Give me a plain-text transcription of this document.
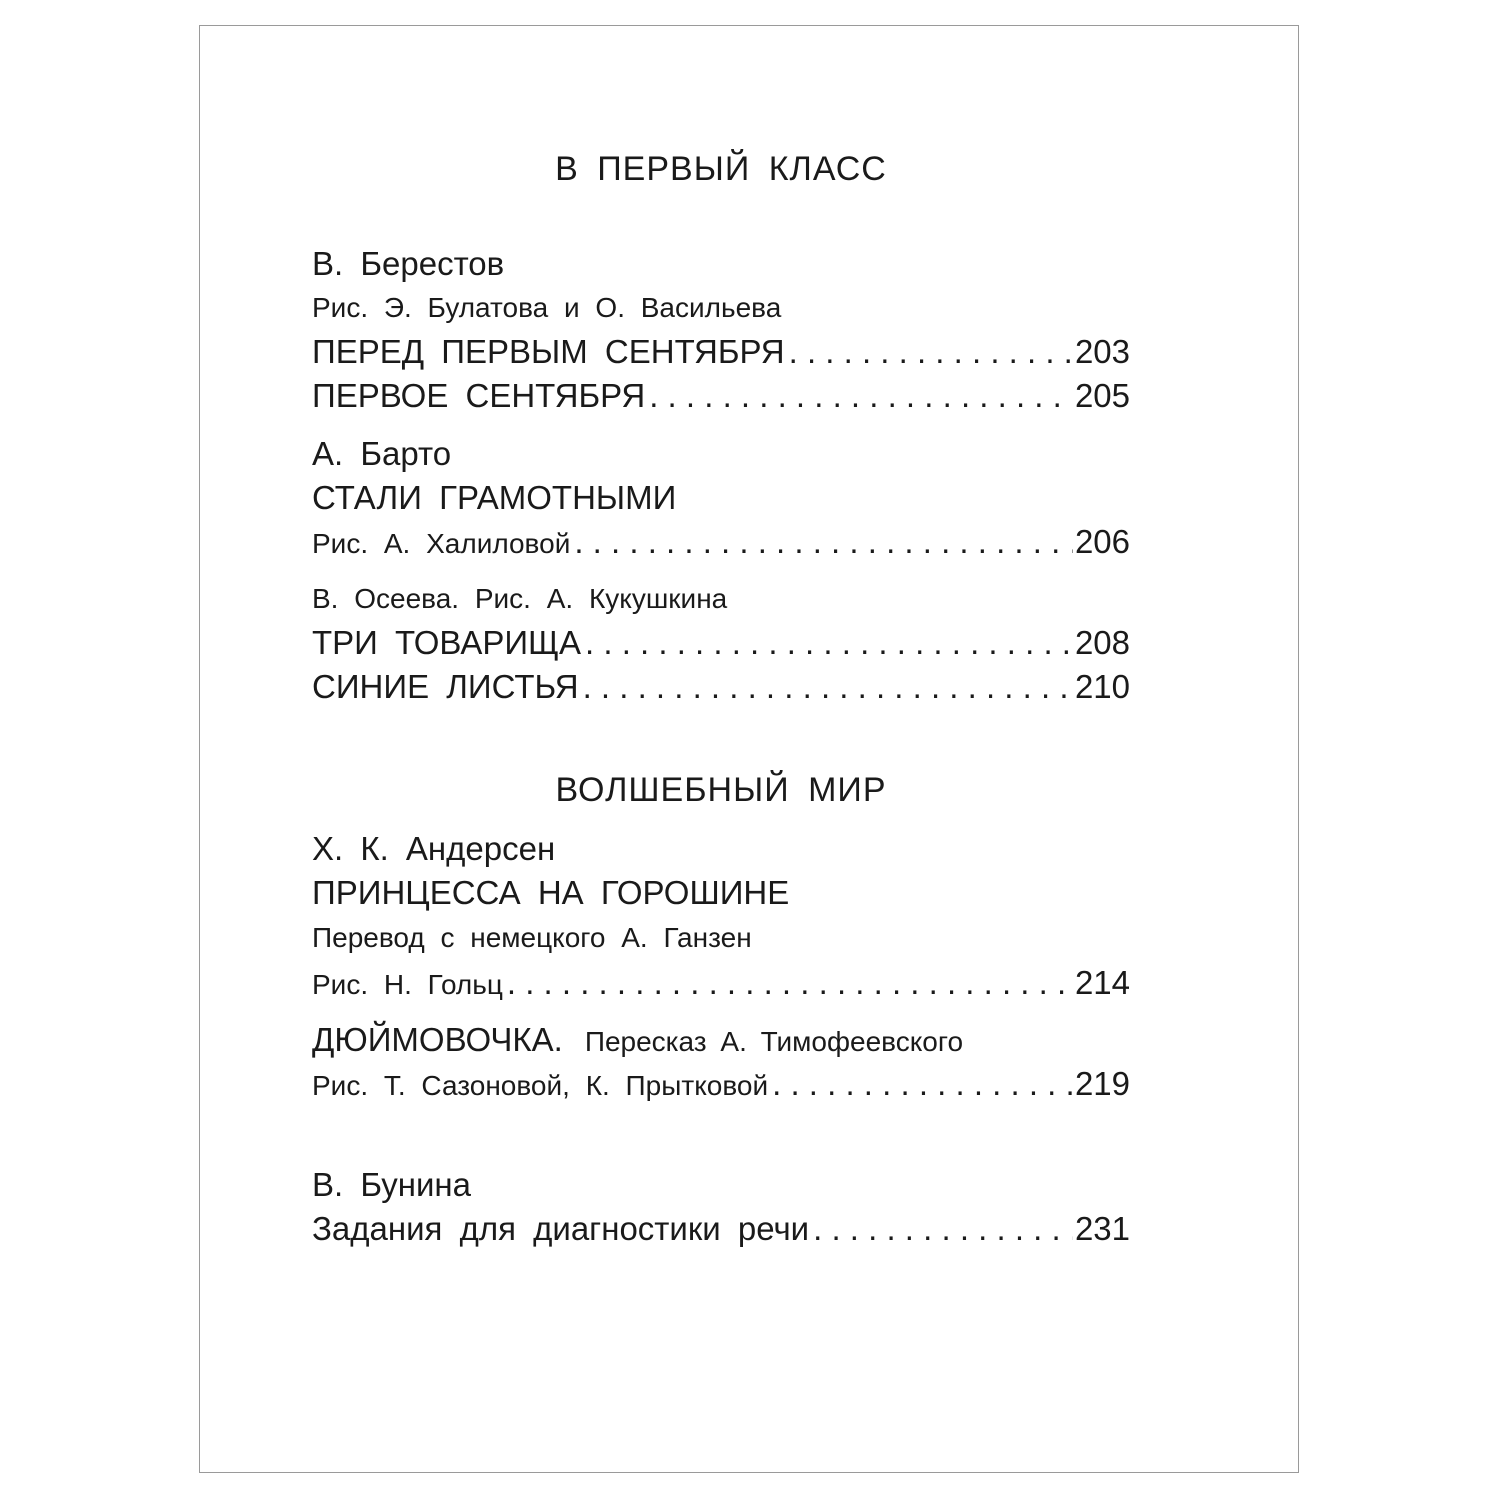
В ПЕРВЫЙ КЛАСС
В. Берестов
Рис. Э. Булатова и О. Васильева
ПЕРЕД ПЕРВЫМ СЕНТЯБРЯ . . .	203
ПЕРВОЕ СЕНТЯБРЯ . . .	205
А. Барто
СТАЛИ ГРАМОТНЫМИ
Рис. А. Халиловой . . .	206
В. Осеева. Рис. А. Кукушкина
ТРИ ТОВАРИЩА . . .	208
СИНИЕ ЛИСТЬЯ . . .	210
ВОЛШЕБНЫЙ МИР
Х. К. Андерсен
ПРИНЦЕССА НА ГОРОШИНЕ
Перевод с немецкого А. Ганзен
Рис. Н. Гольц . . .	214
ДЮЙМОВОЧКА. Пересказ А. Тимофеевского
Рис. Т. Сазоновой, К. Прытковой . . .	219
В. Бунина
Задания для диагностики речи . . .	231
